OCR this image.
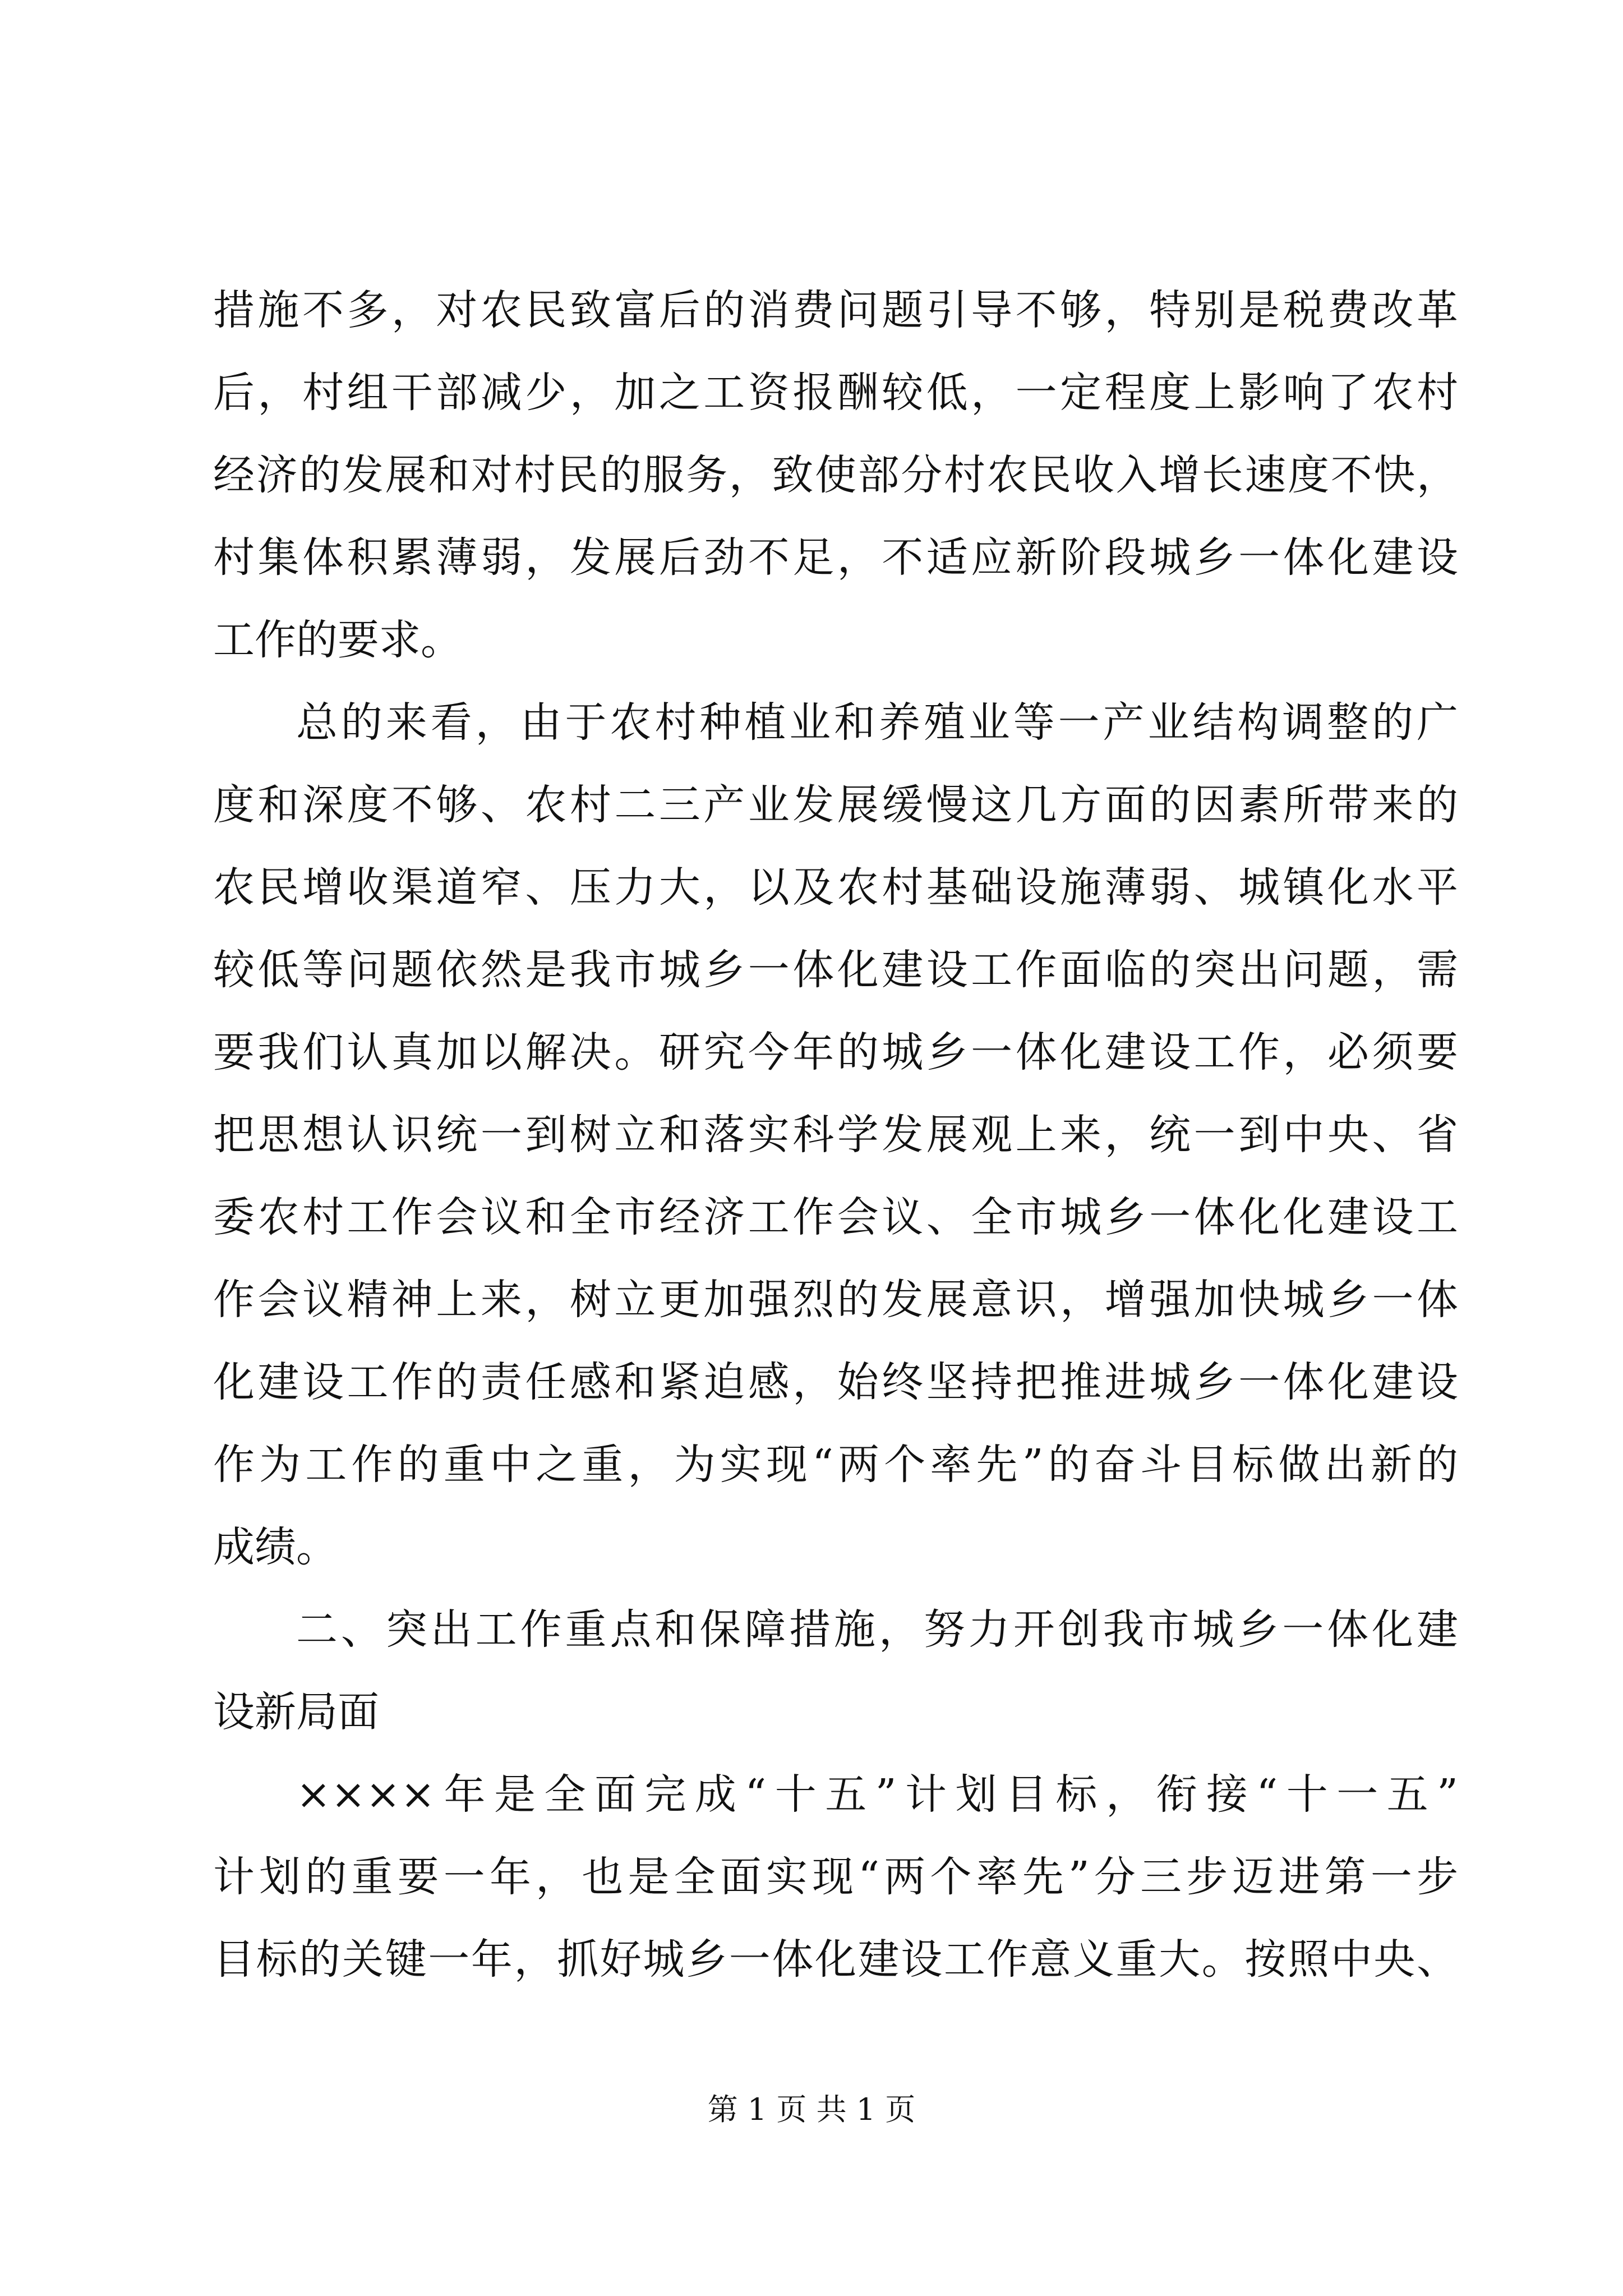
措施不多，对农民致富后的消费问题引导不够，特别是税费改革
后，村组干部减少，加之工资报酬较低，一定程度上影响了农村
经济的发展和对村民的服务，致使部分村农民收入增长速度不快，
村集体积累薄弱，发展后劲不足，不适应新阶段城乡一体化建设
工作的要求。
总的来看，由于农村种植业和养殖业等一产业结构调整的广
度和深度不够、农村二三产业发展缓慢这几方面的因素所带来的
农民增收渠道窄、压力大，以及农村基础设施薄弱、城镇化水平
较低等问题依然是我市城乡一体化建设工作面临的突出问题，需
要我们认真加以解决。研究今年的城乡一体化建设工作，必须要
把思想认识统一到树立和落实科学发展观上来，统一到中央、省
委农村工作会议和全市经济工作会议、全市城乡一体化化建设工
作会议精神上来，树立更加强烈的发展意识，增强加快城乡一体
化建设工作的责任感和紧迫感，始终坚持把推进城乡一体化建设
作为工作的重中之重，为实现“两个率先”的奋斗目标做出新的
成绩。
二、突出工作重点和保障措施，努力开创我市城乡一体化建
设新局面
××××年是全面完成“十五”计划目标，衔接“十一五”
计划的重要一年，也是全面实现“两个率先”分三步迈进第一步
目标的关键一年，抓好城乡一体化建设工作意义重大。按照中央、
第 1 页 共 1 页
